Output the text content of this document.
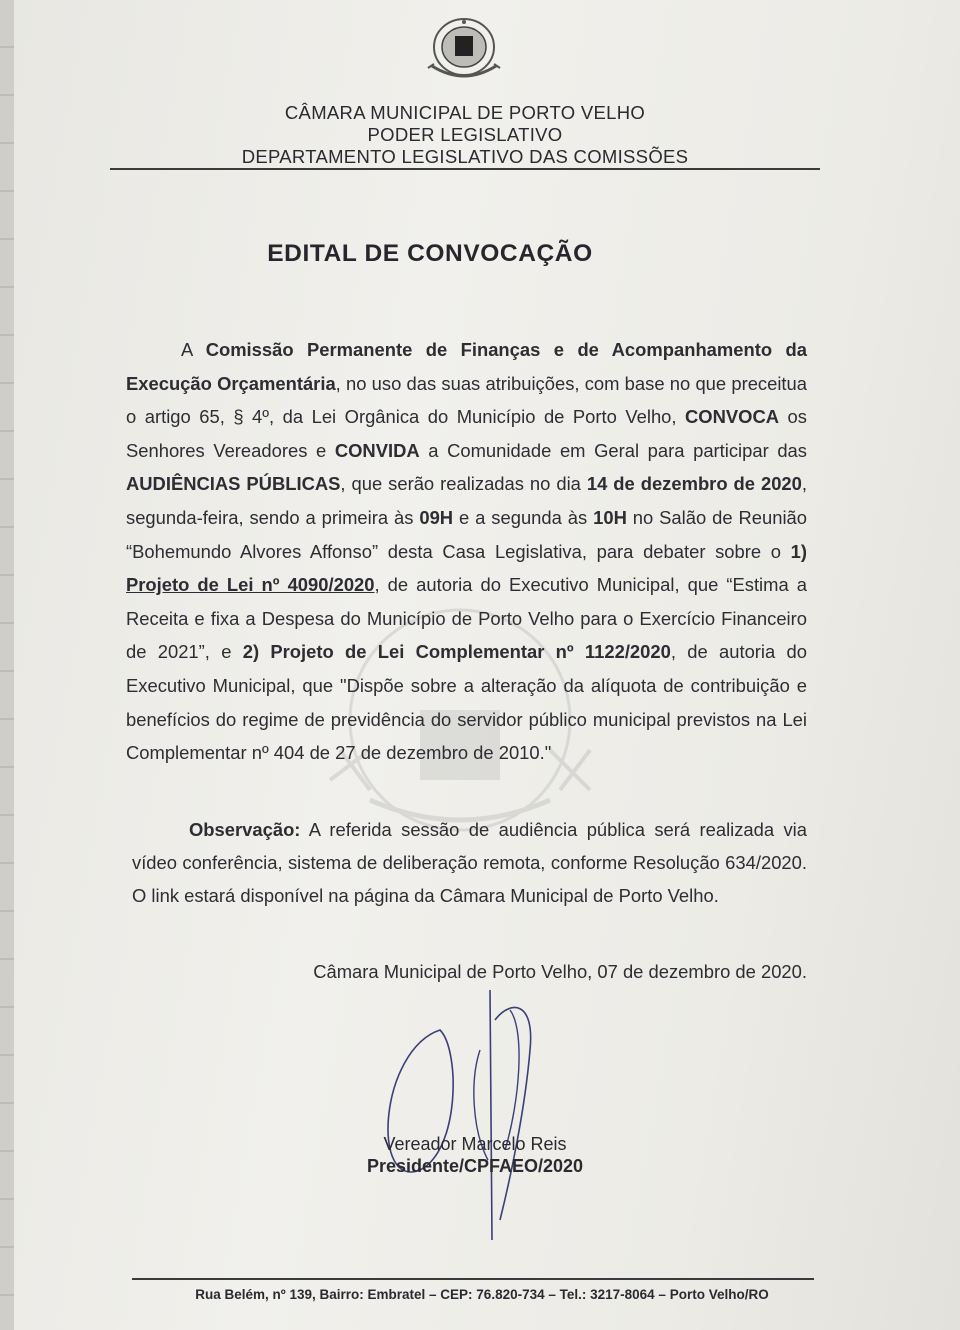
CÂMARA MUNICIPAL DE PORTO VELHO
PODER LEGISLATIVO
DEPARTAMENTO LEGISLATIVO DAS COMISSÕES
EDITAL DE CONVOCAÇÃO
A Comissão Permanente de Finanças e de Acompanhamento da Execução Orçamentária, no uso das suas atribuições, com base no que preceitua o artigo 65, § 4º, da Lei Orgânica do Município de Porto Velho, CONVOCA os Senhores Vereadores e CONVIDA a Comunidade em Geral para participar das AUDIÊNCIAS PÚBLICAS, que serão realizadas no dia 14 de dezembro de 2020, segunda-feira, sendo a primeira às 09H e a segunda às 10H no Salão de Reunião “Bohemundo Alvores Affonso” desta Casa Legislativa, para debater sobre o 1) Projeto de Lei nº 4090/2020, de autoria do Executivo Municipal, que “Estima a Receita e fixa a Despesa do Município de Porto Velho para o Exercício Financeiro de 2021”, e 2) Projeto de Lei Complementar nº 1122/2020, de autoria do Executivo Municipal, que "Dispõe sobre a alteração da alíquota de contribuição e benefícios do regime de previdência do servidor público municipal previstos na Lei Complementar nº 404 de 27 de dezembro de 2010."
Observação: A referida sessão de audiência pública será realizada via vídeo conferência, sistema de deliberação remota, conforme Resolução 634/2020. O link estará disponível na página da Câmara Municipal de Porto Velho.
Câmara Municipal de Porto Velho, 07 de dezembro de 2020.
Vereador Marcelo Reis
Presidente/CPFAEO/2020
Rua Belém, nº 139, Bairro: Embratel – CEP: 76.820-734 – Tel.: 3217-8064 – Porto Velho/RO
